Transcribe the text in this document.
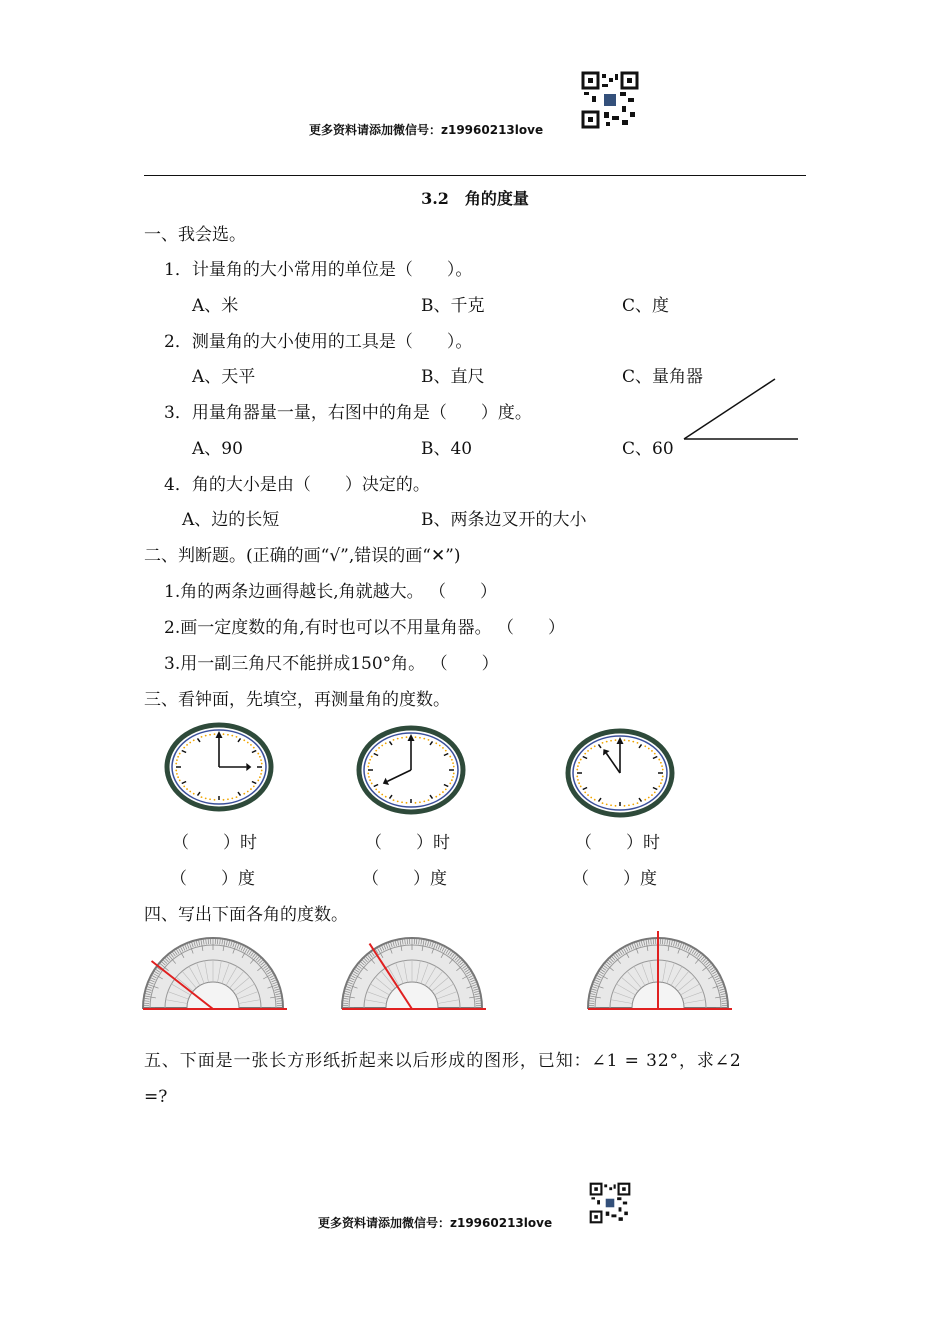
更多资料请添加微信号：z19960213love
3.2　角的度量
一、我会选。
1．计量角的大小常用的单位是（　　）。
A、米	B、千克	C、度
2．测量角的大小使用的工具是（　　）。
A、天平	B、直尺	C、量角器
3．用量角器量一量，右图中的角是（　　）度。
A、90	B、40	C、60
4．角的大小是由（　　）决定的。
A、边的长短	B、两条边叉开的大小
二、判断题。(正确的画“√”,错误的画“✕”)
1.角的两条边画得越长,角就越大。 （　　）
2.画一定度数的角,有时也可以不用量角器。 （　　）
3.用一副三角尺不能拼成150°角。 （　　）
三、看钟面，先填空，再测量角的度数。
（　　）时	（　　）时	（　　）时
（　　）度	（　　）度	（　　）度
四、写出下面各角的度数。
五、下面是一张长方形纸折起来以后形成的图形，已知：∠1 = 32°，求∠2
=?
更多资料请添加微信号：z19960213love
